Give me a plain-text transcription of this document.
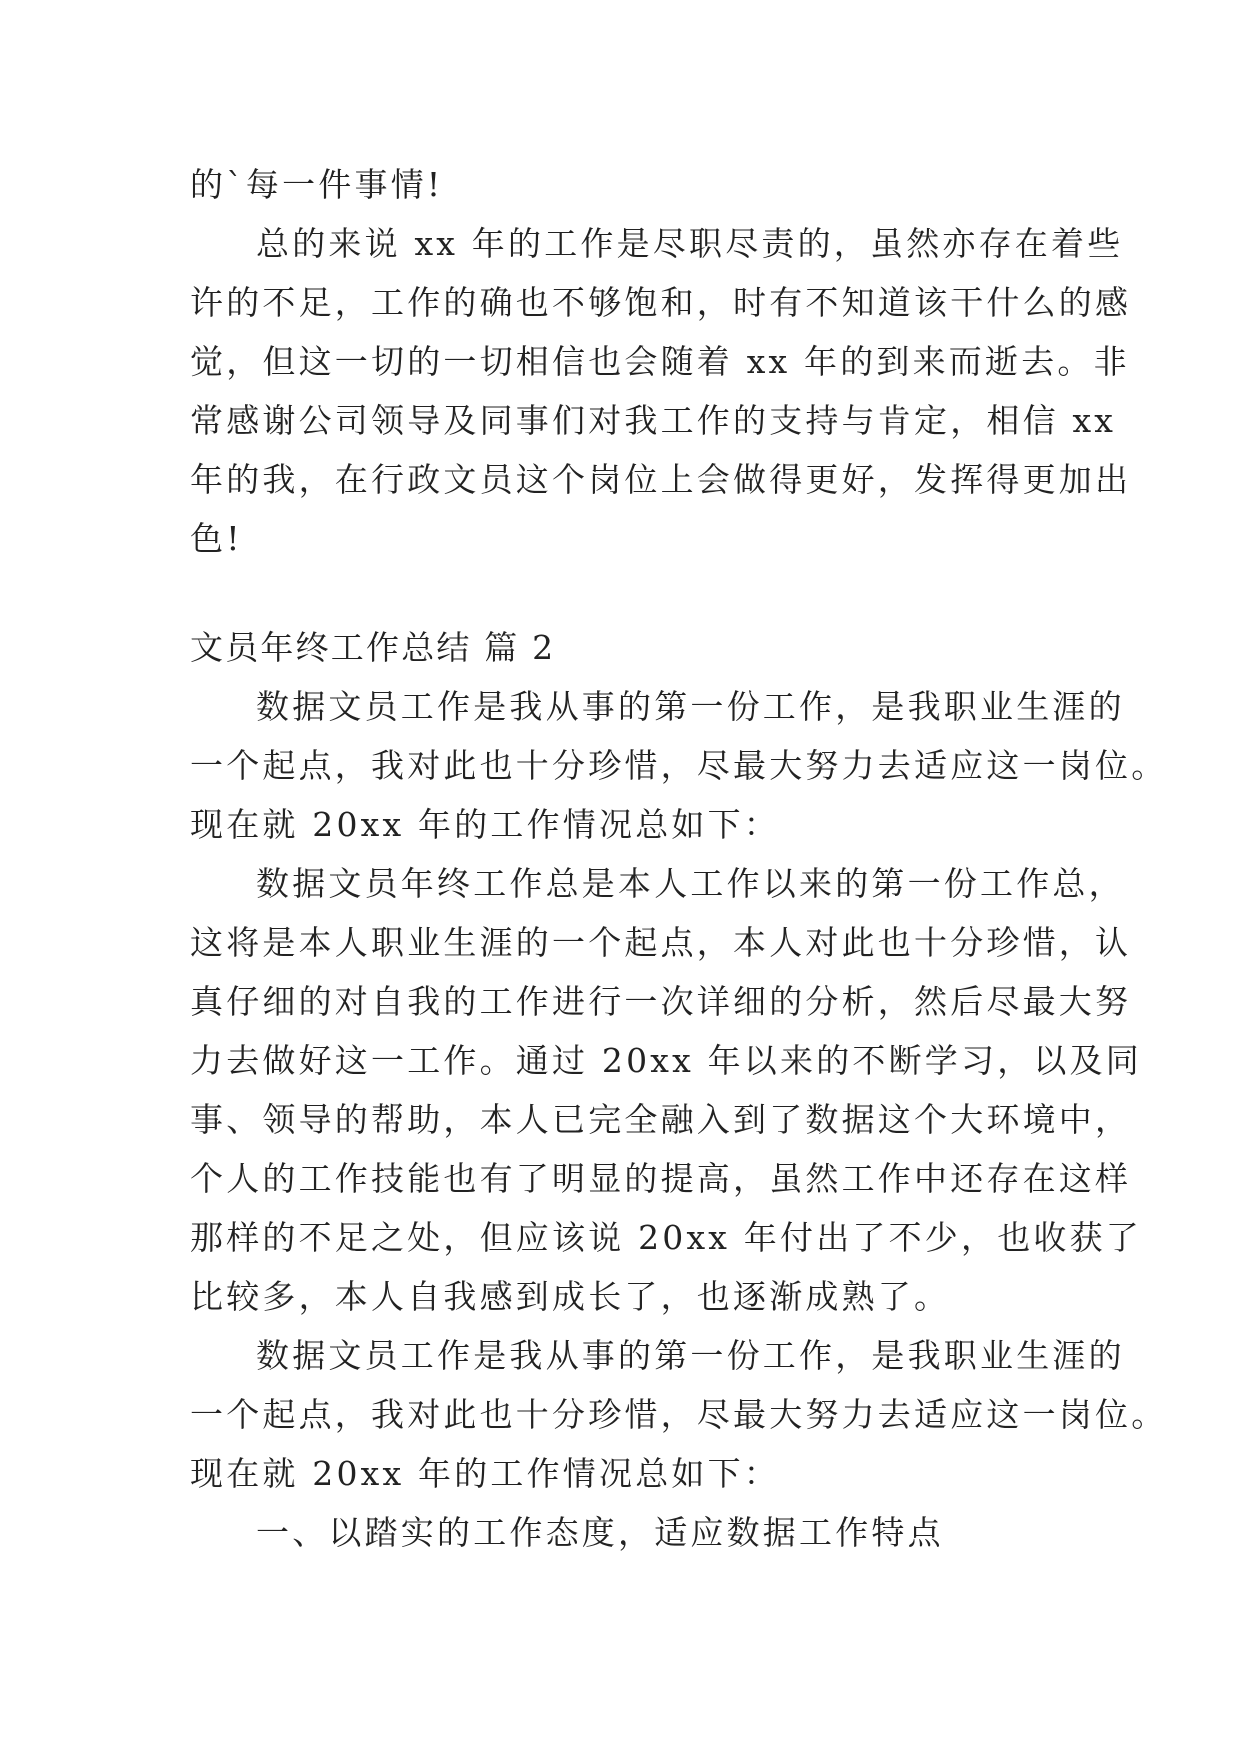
的`每一件事情!
总的来说 xx 年的工作是尽职尽责的，虽然亦存在着些
许的不足，工作的确也不够饱和，时有不知道该干什么的感
觉，但这一切的一切相信也会随着 xx 年的到来而逝去。非
常感谢公司领导及同事们对我工作的支持与肯定，相信 xx
年的我，在行政文员这个岗位上会做得更好，发挥得更加出
色!
文员年终工作总结 篇 2
数据文员工作是我从事的第一份工作，是我职业生涯的
一个起点，我对此也十分珍惜，尽最大努力去适应这一岗位。
现在就 20xx 年的工作情况总如下：
数据文员年终工作总是本人工作以来的第一份工作总，
这将是本人职业生涯的一个起点，本人对此也十分珍惜，认
真仔细的对自我的工作进行一次详细的分析，然后尽最大努
力去做好这一工作。通过 20xx 年以来的不断学习，以及同
事、领导的帮助，本人已完全融入到了数据这个大环境中，
个人的工作技能也有了明显的提高，虽然工作中还存在这样
那样的不足之处，但应该说 20xx 年付出了不少，也收获了
比较多，本人自我感到成长了，也逐渐成熟了。
数据文员工作是我从事的第一份工作，是我职业生涯的
一个起点，我对此也十分珍惜，尽最大努力去适应这一岗位。
现在就 20xx 年的工作情况总如下：
一、以踏实的工作态度，适应数据工作特点
